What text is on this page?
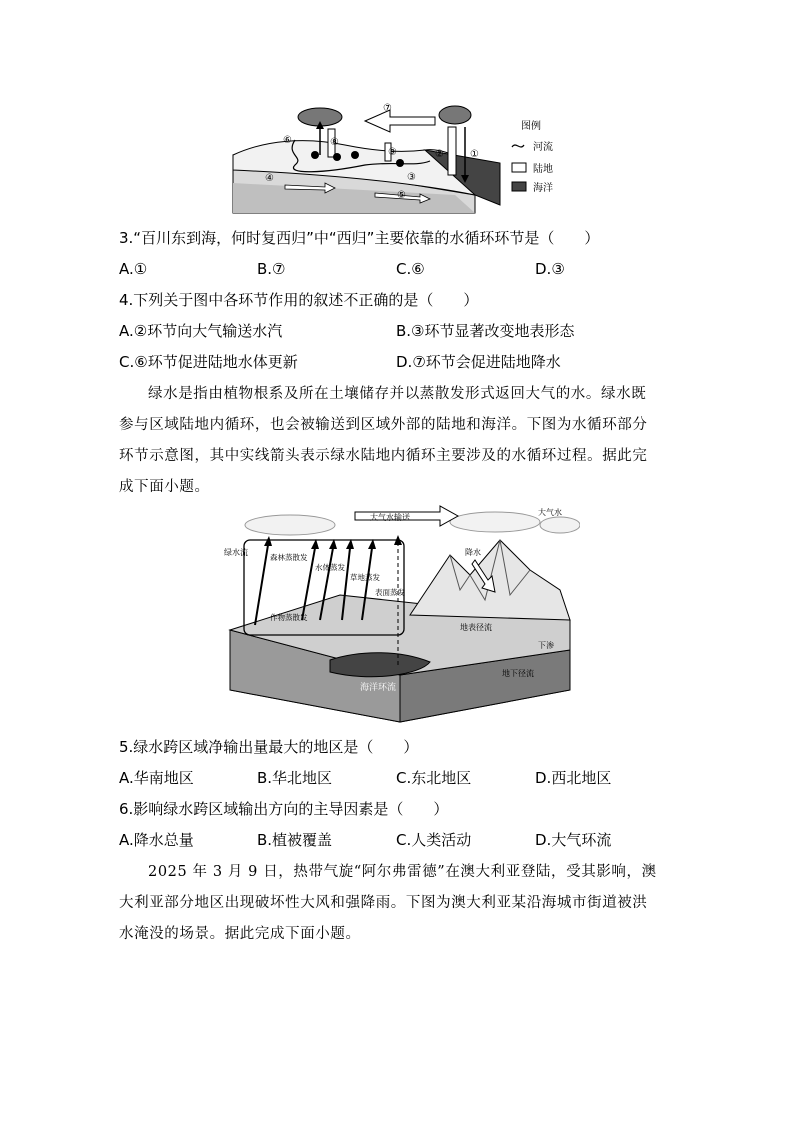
⑦
①
②
③
④
⑤
⑥	⑧
⑨
图例
河流
陆地
海洋
3.“百川东到海，何时复西归”中“西归”主要依靠的水循环环节是（　　）
A.①	B.⑦	C.⑥	D.③
4.下列关于图中各环节作用的叙述不正确的是（　　）
A.②环节向大气输送水汽	B.③环节显著改变地表形态
C.⑥环节促进陆地水体更新	D.⑦环节会促进陆地降水
绿水是指由植物根系及所在土壤储存并以蒸散发形式返回大气的水。绿水既
参与区域陆地内循环，也会被输送到区域外部的陆地和海洋。下图为水循环部分
环节示意图，其中实线箭头表示绿水陆地内循环主要涉及的水循环过程。据此完
成下面小题。
大气水输送
大气水
绿水流
森林蒸散发
水体蒸发
草地蒸发
作物蒸散发
表面蒸发
降水
地表径流
下渗
地下径流
海洋环流
5.绿水跨区域净输出量最大的地区是（　　）
A.华南地区	B.华北地区	C.东北地区	D.西北地区
6.影响绿水跨区域输出方向的主导因素是（　　）
A.降水总量	B.植被覆盖	C.人类活动	D.大气环流
2025 年 3 月 9 日，热带气旋“阿尔弗雷德”在澳大利亚登陆，受其影响，澳
大利亚部分地区出现破坏性大风和强降雨。下图为澳大利亚某沿海城市街道被洪
水淹没的场景。据此完成下面小题。
